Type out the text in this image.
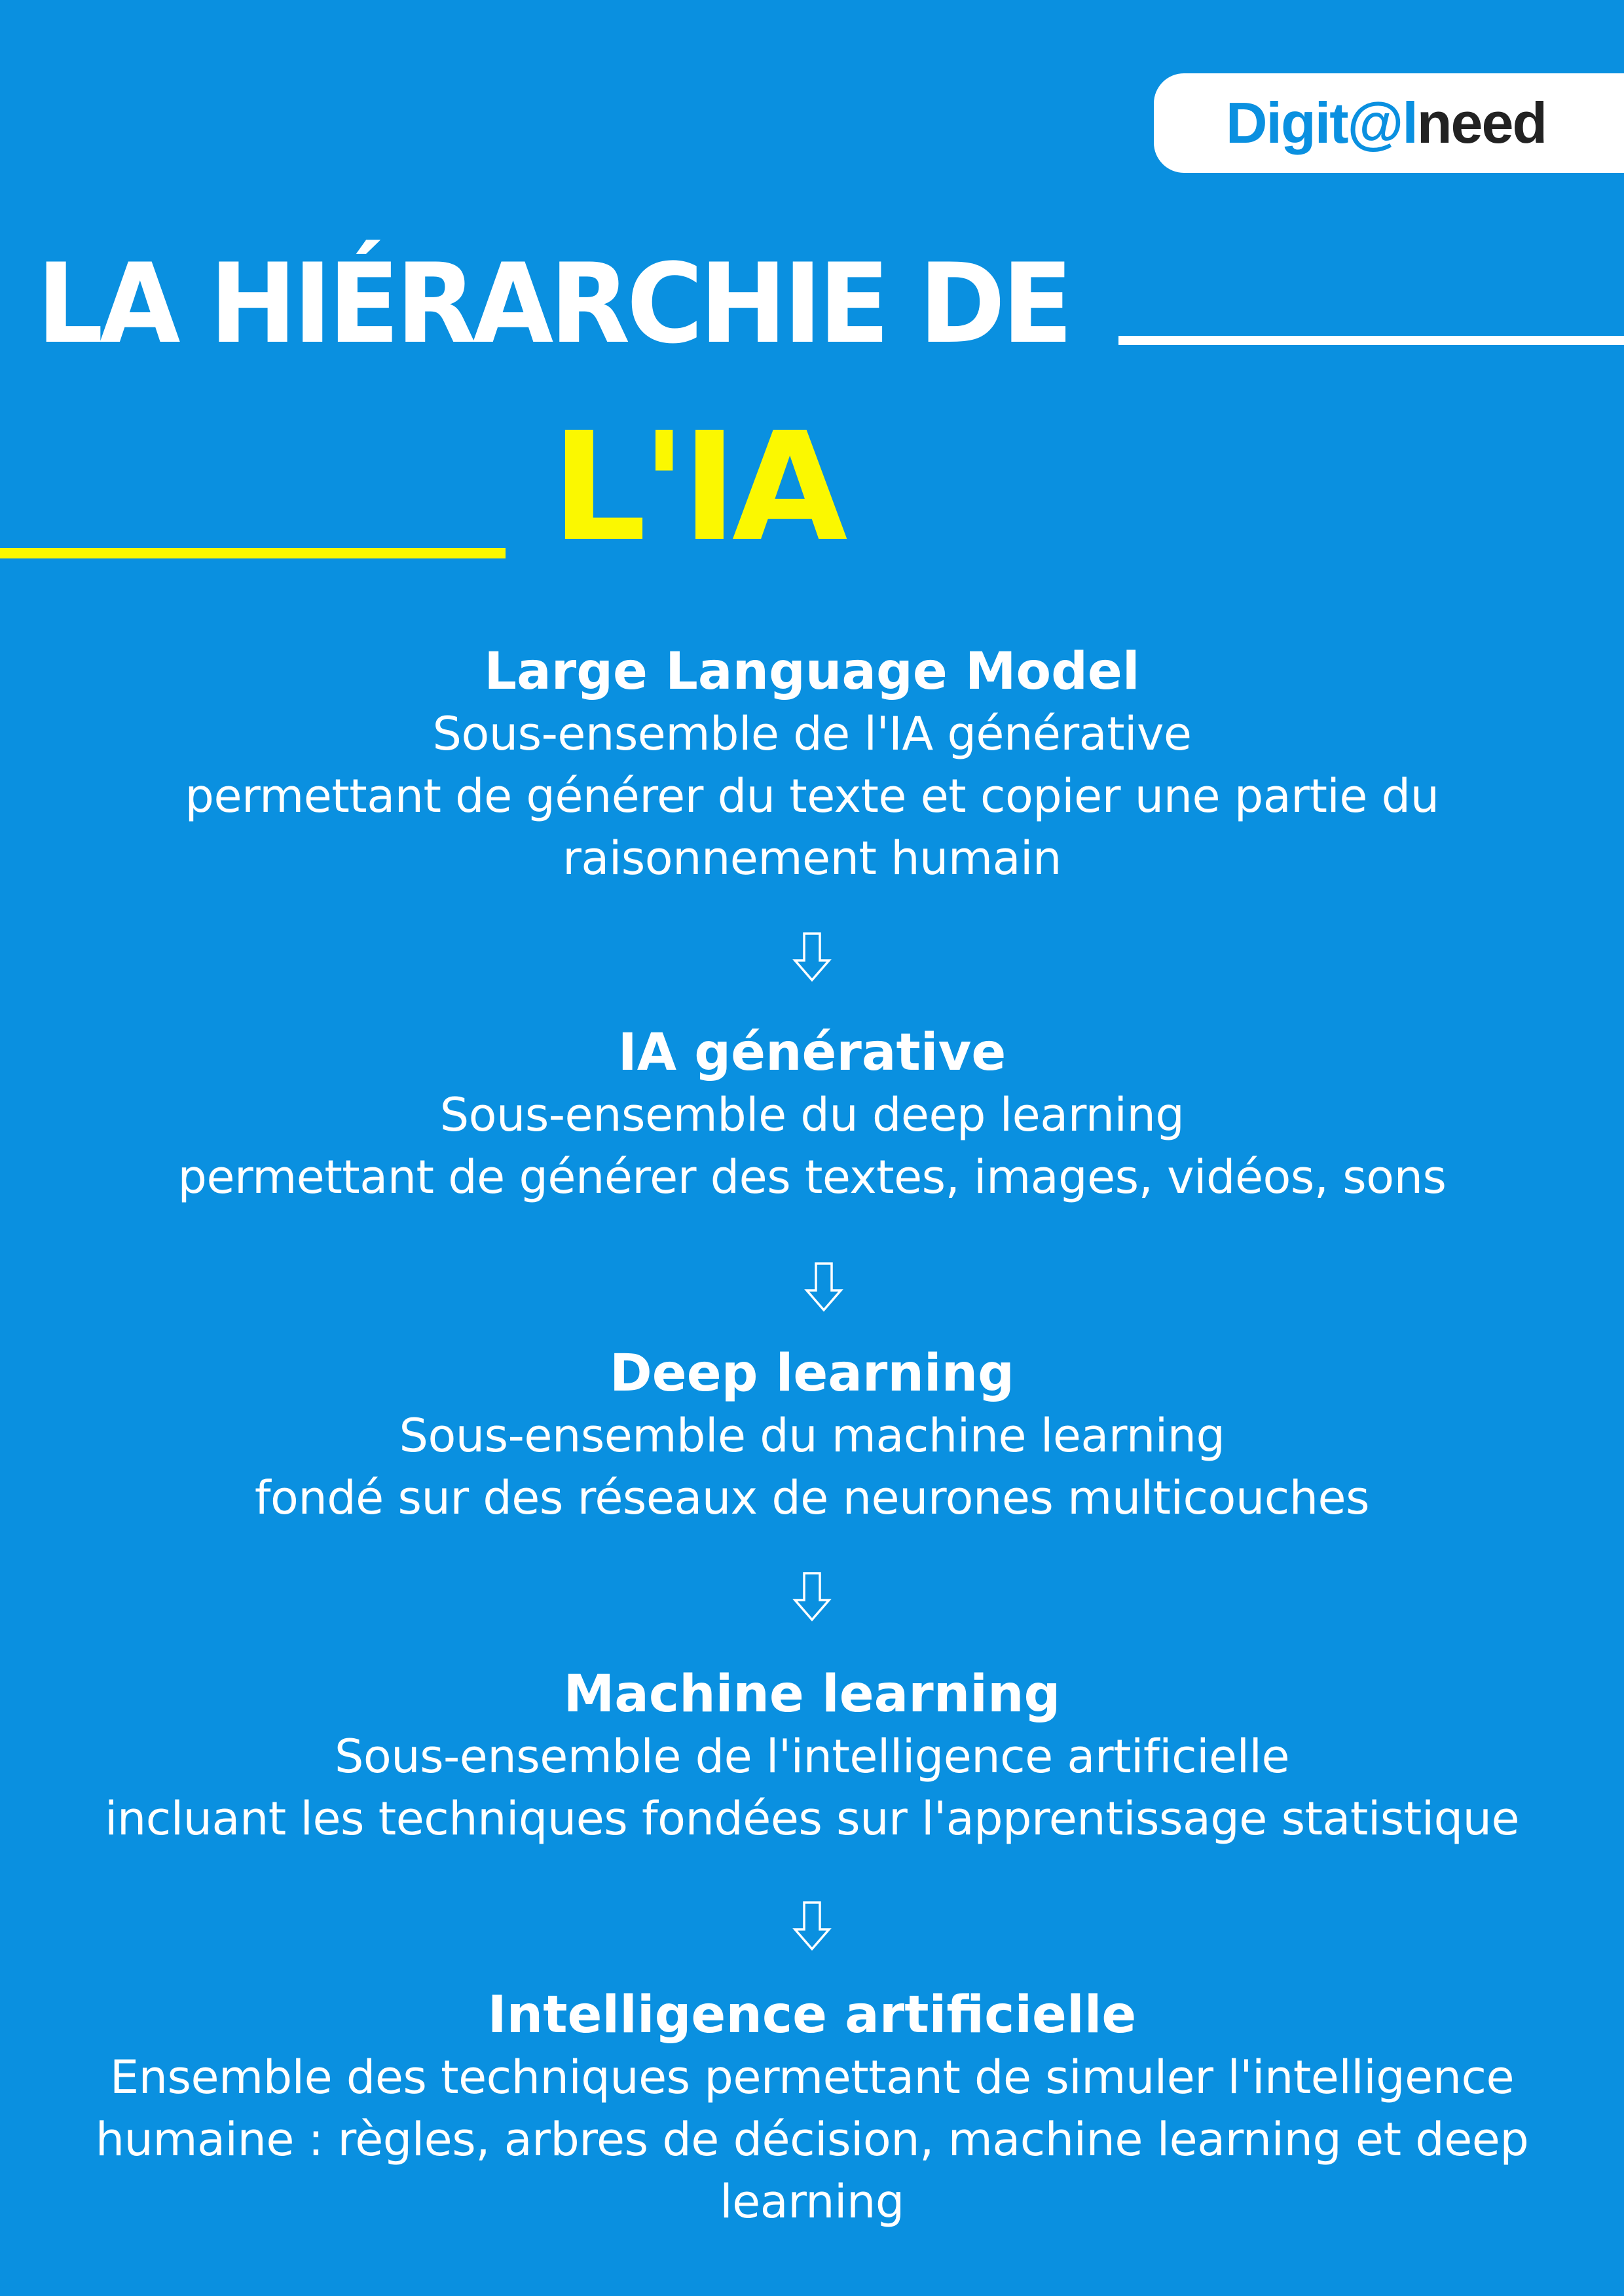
Digit@lneed
LA HIÉRARCHIE DE
L'IA
Large Language Model

Sous-ensemble de l'IA générative
permettant de générer du texte et copier une partie du
raisonnement humain

IA générative

Sous-ensemble du deep learning
permettant de générer des textes, images, vidéos, sons

Deep learning

Sous-ensemble du machine learning
fondé sur des réseaux de neurones multicouches

Machine learning

Sous-ensemble de l'intelligence artificielle
incluant les techniques fondées sur l'apprentissage statistique

Intelligence artificielle

Ensemble des techniques permettant de simuler l'intelligence
humaine : règles, arbres de décision, machine learning et deep
learning
